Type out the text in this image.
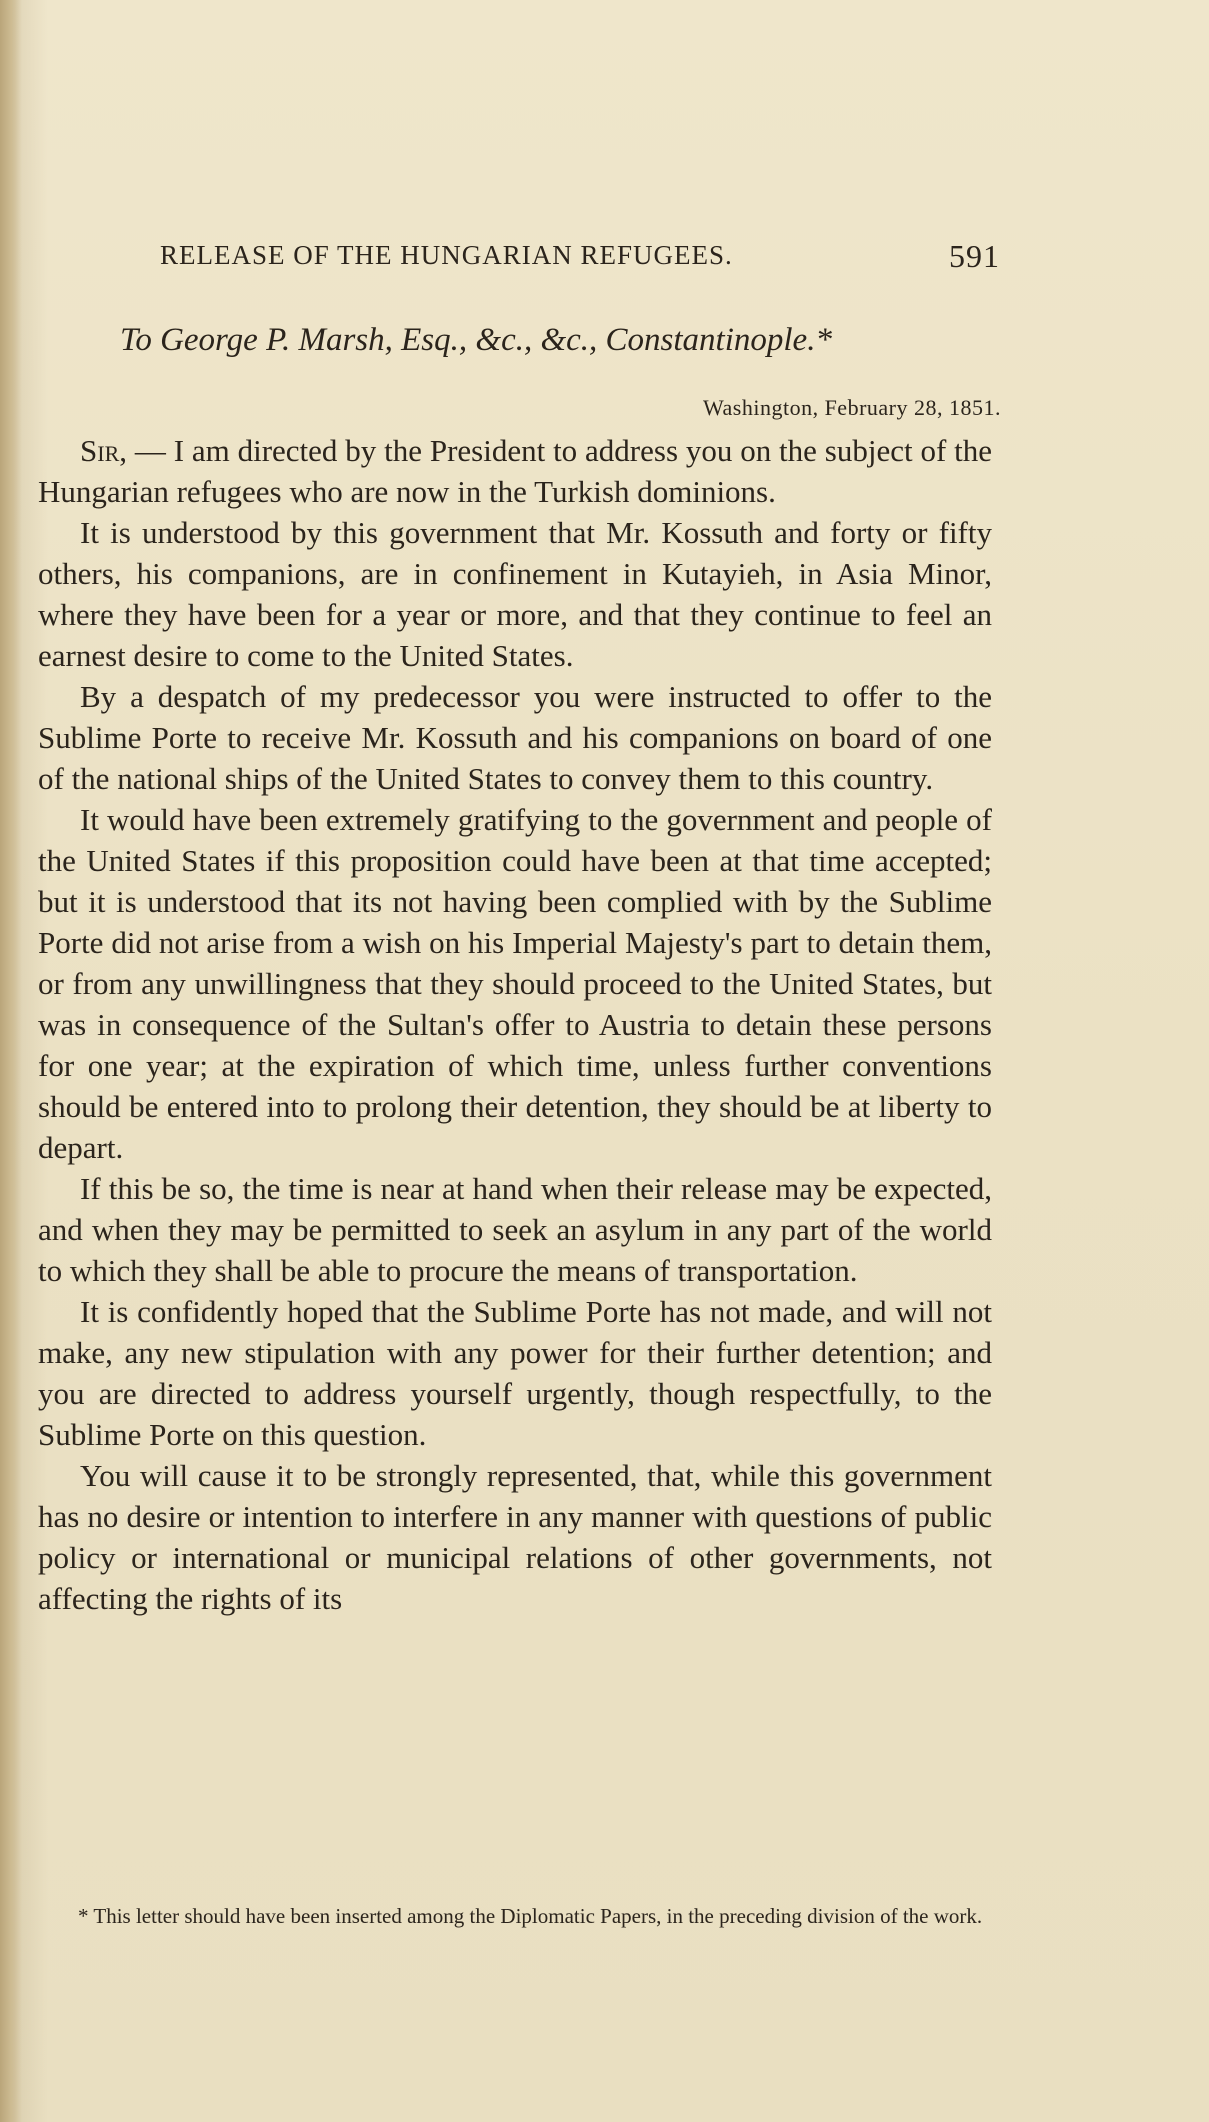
RELEASE OF THE HUNGARIAN REFUGEES.	591
To George P. Marsh, Esq., &c., &c., Constantinople.*
Washington, February 28, 1851.

Sir, — I am directed by the President to address you on the subject of the Hungarian refugees who are now in the Turkish dominions.

It is understood by this government that Mr. Kossuth and forty or fifty others, his companions, are in confinement in Kutayieh, in Asia Minor, where they have been for a year or more, and that they continue to feel an earnest desire to come to the United States.

By a despatch of my predecessor you were instructed to offer to the Sublime Porte to receive Mr. Kossuth and his companions on board of one of the national ships of the United States to convey them to this country.

It would have been extremely gratifying to the government and people of the United States if this proposition could have been at that time accepted; but it is understood that its not having been complied with by the Sublime Porte did not arise from a wish on his Imperial Majesty's part to detain them, or from any unwillingness that they should proceed to the United States, but was in consequence of the Sultan's offer to Austria to detain these persons for one year; at the expiration of which time, unless further conventions should be entered into to prolong their detention, they should be at liberty to depart.

If this be so, the time is near at hand when their release may be expected, and when they may be permitted to seek an asylum in any part of the world to which they shall be able to procure the means of transportation.

It is confidently hoped that the Sublime Porte has not made, and will not make, any new stipulation with any power for their further detention; and you are directed to address yourself urgently, though respectfully, to the Sublime Porte on this question.

You will cause it to be strongly represented, that, while this government has no desire or intention to interfere in any manner with questions of public policy or international or municipal relations of other governments, not affecting the rights of its

* This letter should have been inserted among the Diplomatic Papers, in the preceding division of the work.
